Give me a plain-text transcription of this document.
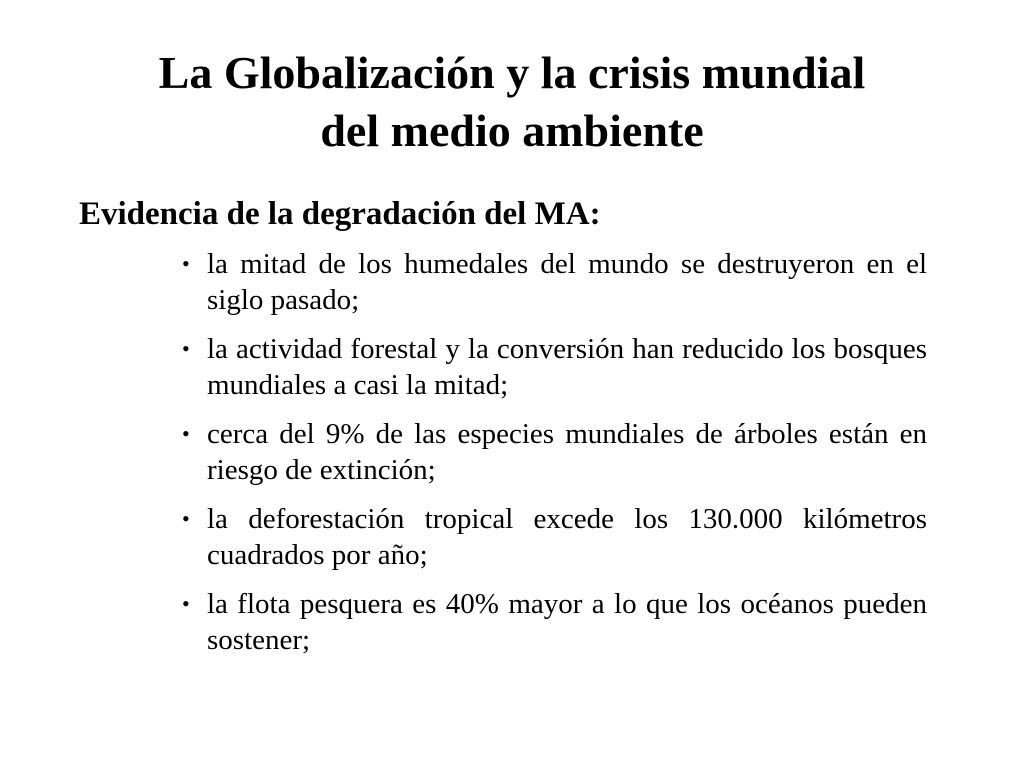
La Globalización y la crisis mundial
del medio ambiente
Evidencia de la degradación del MA:
• la mitad de los humedales del mundo se destruyeron en el siglo pasado;
• la actividad forestal y la conversión han reducido los bosques mundiales a casi la mitad;
• cerca del 9% de las especies mundiales de árboles están en riesgo de extinción;
• la deforestación tropical excede los 130.000 kilómetros cuadrados por año;
• la flota pesquera es 40% mayor a lo que los océanos pueden sostener;
